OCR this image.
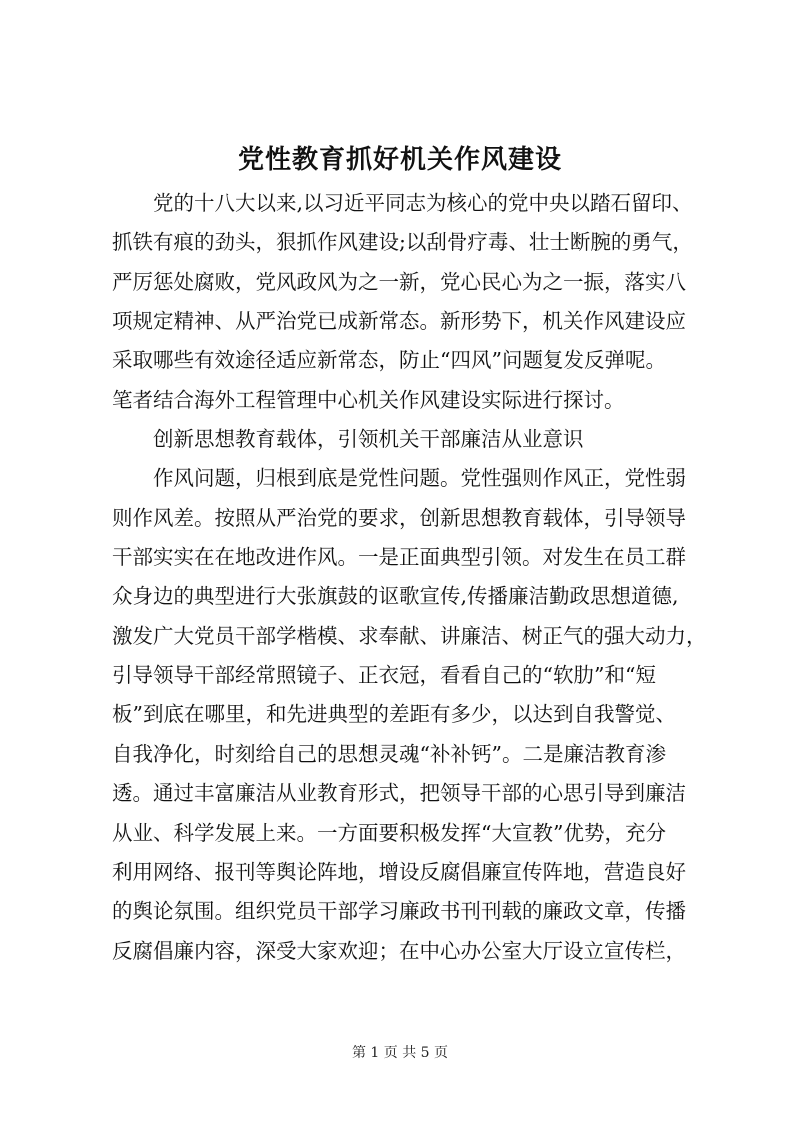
党性教育抓好机关作风建设
党的十八大以来,以习近平同志为核心的党中央以踏石留印、
抓铁有痕的劲头，狠抓作风建设;以刮骨疗毒、壮士断腕的勇气，
严厉惩处腐败，党风政风为之一新，党心民心为之一振，落实八
项规定精神、从严治党已成新常态。新形势下，机关作风建设应
采取哪些有效途径适应新常态，防止“四风”问题复发反弹呢。
笔者结合海外工程管理中心机关作风建设实际进行探讨。
创新思想教育载体，引领机关干部廉洁从业意识
作风问题，归根到底是党性问题。党性强则作风正，党性弱
则作风差。按照从严治党的要求，创新思想教育载体，引导领导
干部实实在在地改进作风。一是正面典型引领。对发生在员工群
众身边的典型进行大张旗鼓的讴歌宣传,传播廉洁勤政思想道德,
激发广大党员干部学楷模、求奉献、讲廉洁、树正气的强大动力，
引导领导干部经常照镜子、正衣冠，看看自己的“软肋”和“短
板”到底在哪里，和先进典型的差距有多少，以达到自我警觉、
自我净化，时刻给自己的思想灵魂“补补钙”。二是廉洁教育渗
透。通过丰富廉洁从业教育形式，把领导干部的心思引导到廉洁
从业、科学发展上来。一方面要积极发挥“大宣教”优势，充分
利用网络、报刊等舆论阵地，增设反腐倡廉宣传阵地，营造良好
的舆论氛围。组织党员干部学习廉政书刊刊载的廉政文章，传播
反腐倡廉内容，深受大家欢迎；在中心办公室大厅设立宣传栏，
第 1 页 共 5 页
